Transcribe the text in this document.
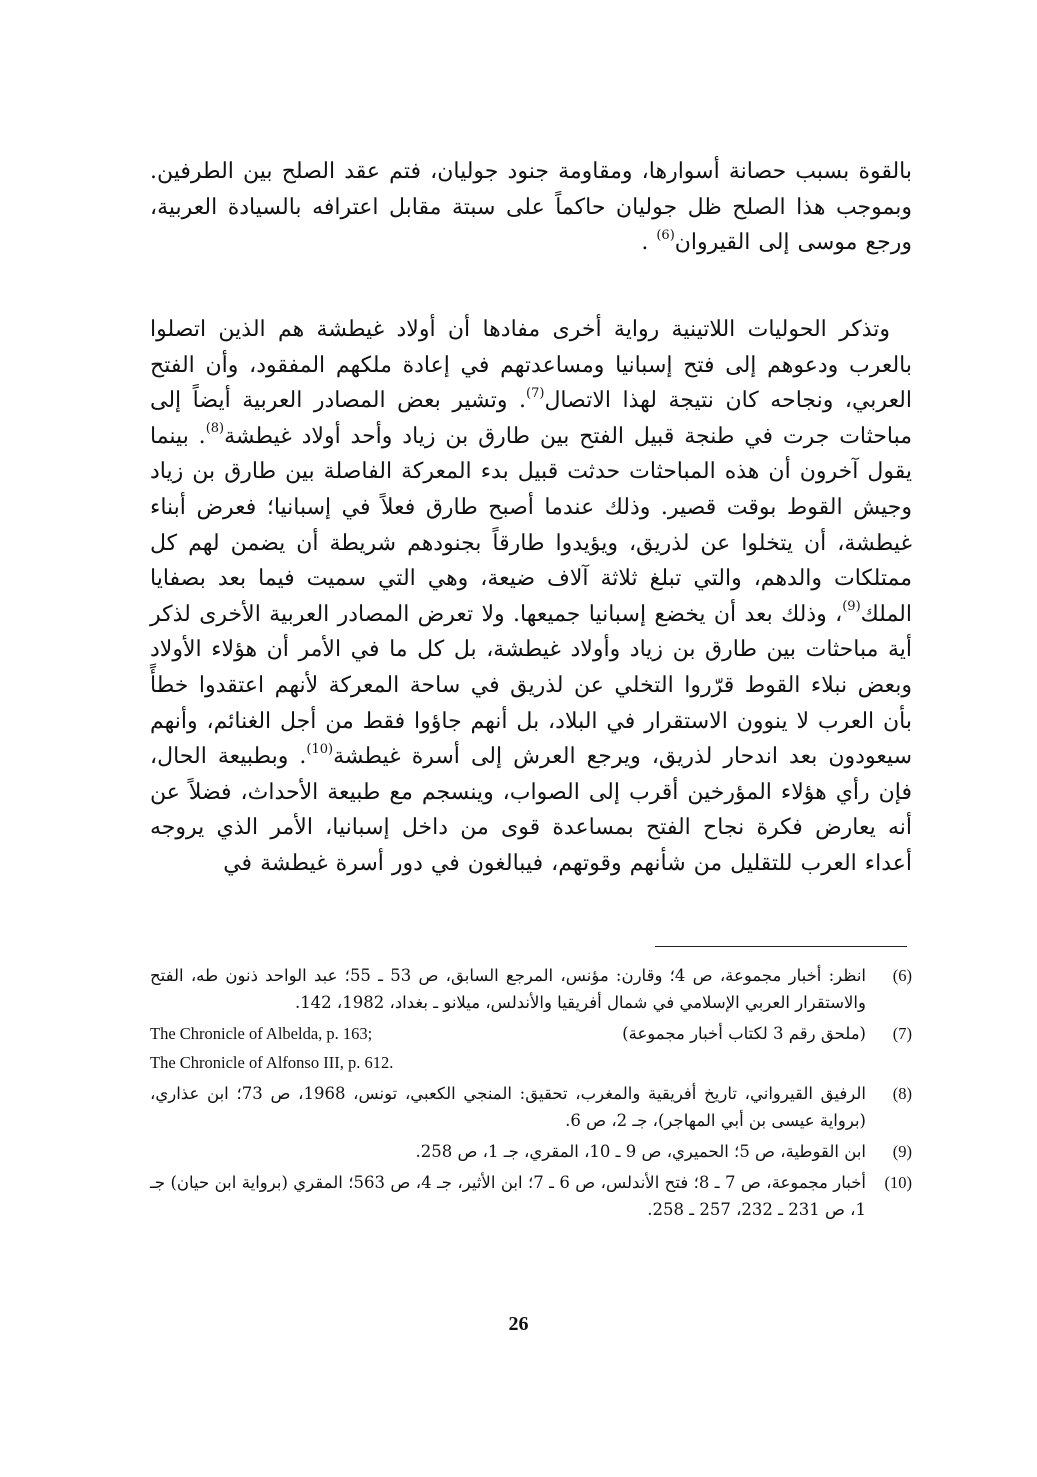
بالقوة بسبب حصانة أسوارها، ومقاومة جنود جوليان، فتم عقد الصلح بين الطرفين. وبموجب هذا الصلح ظل جوليان حاكماً على سبتة مقابل اعترافه بالسيادة العربية، ورجع موسى إلى القيروان$^{(6)}$ .

وتذكر الحوليات اللاتينية رواية أخرى مفادها أن أولاد غيطشة هم الذين اتصلوا بالعرب ودعوهم إلى فتح إسبانيا ومساعدتهم في إعادة ملكهم المفقود، وأن الفتح العربي، ونجاحه كان نتيجة لهذا الاتصال$^{(7)}$. وتشير بعض المصادر العربية أيضاً إلى مباحثات جرت في طنجة قبيل الفتح بين طارق بن زياد وأحد أولاد غيطشة$^{(8)}$. بينما يقول آخرون أن هذه المباحثات حدثت قبيل بدء المعركة الفاصلة بين طارق بن زياد وجيش القوط بوقت قصير. وذلك عندما أصبح طارق فعلاً في إسبانيا؛ فعرض أبناء غيطشة، أن يتخلوا عن لذريق، ويؤيدوا طارقاً بجنودهم شريطة أن يضمن لهم كل ممتلكات والدهم، والتي تبلغ ثلاثة آلاف ضيعة، وهي التي سميت فيما بعد بصفايا الملك$^{(9)}$، وذلك بعد أن يخضع إسبانيا جميعها. ولا تعرض المصادر العربية الأخرى لذكر أية مباحثات بين طارق بن زياد وأولاد غيطشة، بل كل ما في الأمر أن هؤلاء الأولاد وبعض نبلاء القوط قرّروا التخلي عن لذريق في ساحة المعركة لأنهم اعتقدوا خطأً بأن العرب لا ينوون الاستقرار في البلاد، بل أنهم جاؤوا فقط من أجل الغنائم، وأنهم سيعودون بعد اندحار لذريق، ويرجع العرش إلى أسرة غيطشة$^{(10)}$. وبطبيعة الحال، فإن رأي هؤلاء المؤرخين أقرب إلى الصواب، وينسجم مع طبيعة الأحداث، فضلاً عن أنه يعارض فكرة نجاح الفتح بمساعدة قوى من داخل إسبانيا، الأمر الذي يروجه أعداء العرب للتقليل من شأنهم وقوتهم، فيبالغون في دور أسرة غيطشة في

(6)
انظر: أخبار مجموعة، ص 4؛ وقارن: مؤنس، المرجع السابق، ص 53 ـ 55؛ عبد الواحد ذنون طه، الفتح والاستقرار العربي الإسلامي في شمال أفريقيا والأندلس، ميلانو ـ بغداد، 1982، 142.
(7)
(ملحق رقم 3 لكتاب أخبار مجموعة)
The Chronicle of Albelda, p. 163;
The Chronicle of Alfonso III, p. 612.
(8)
الرفيق القيرواني، تاريخ أفريقية والمغرب، تحقيق: المنجي الكعبي، تونس، 1968، ص 73؛ ابن عذاري، (برواية عيسى بن أبي المهاجر)، جـ 2، ص 6.
(9)
ابن القوطية، ص 5؛ الحميري، ص 9 ـ 10، المقري، جـ 1، ص 258.
(10)
أخبار مجموعة، ص 7 ـ 8؛ فتح الأندلس، ص 6 ـ 7؛ ابن الأثير، جـ 4، ص 563؛ المقري (برواية ابن حيان) جـ 1، ص 231 ـ 232، 257 ـ 258.
26
